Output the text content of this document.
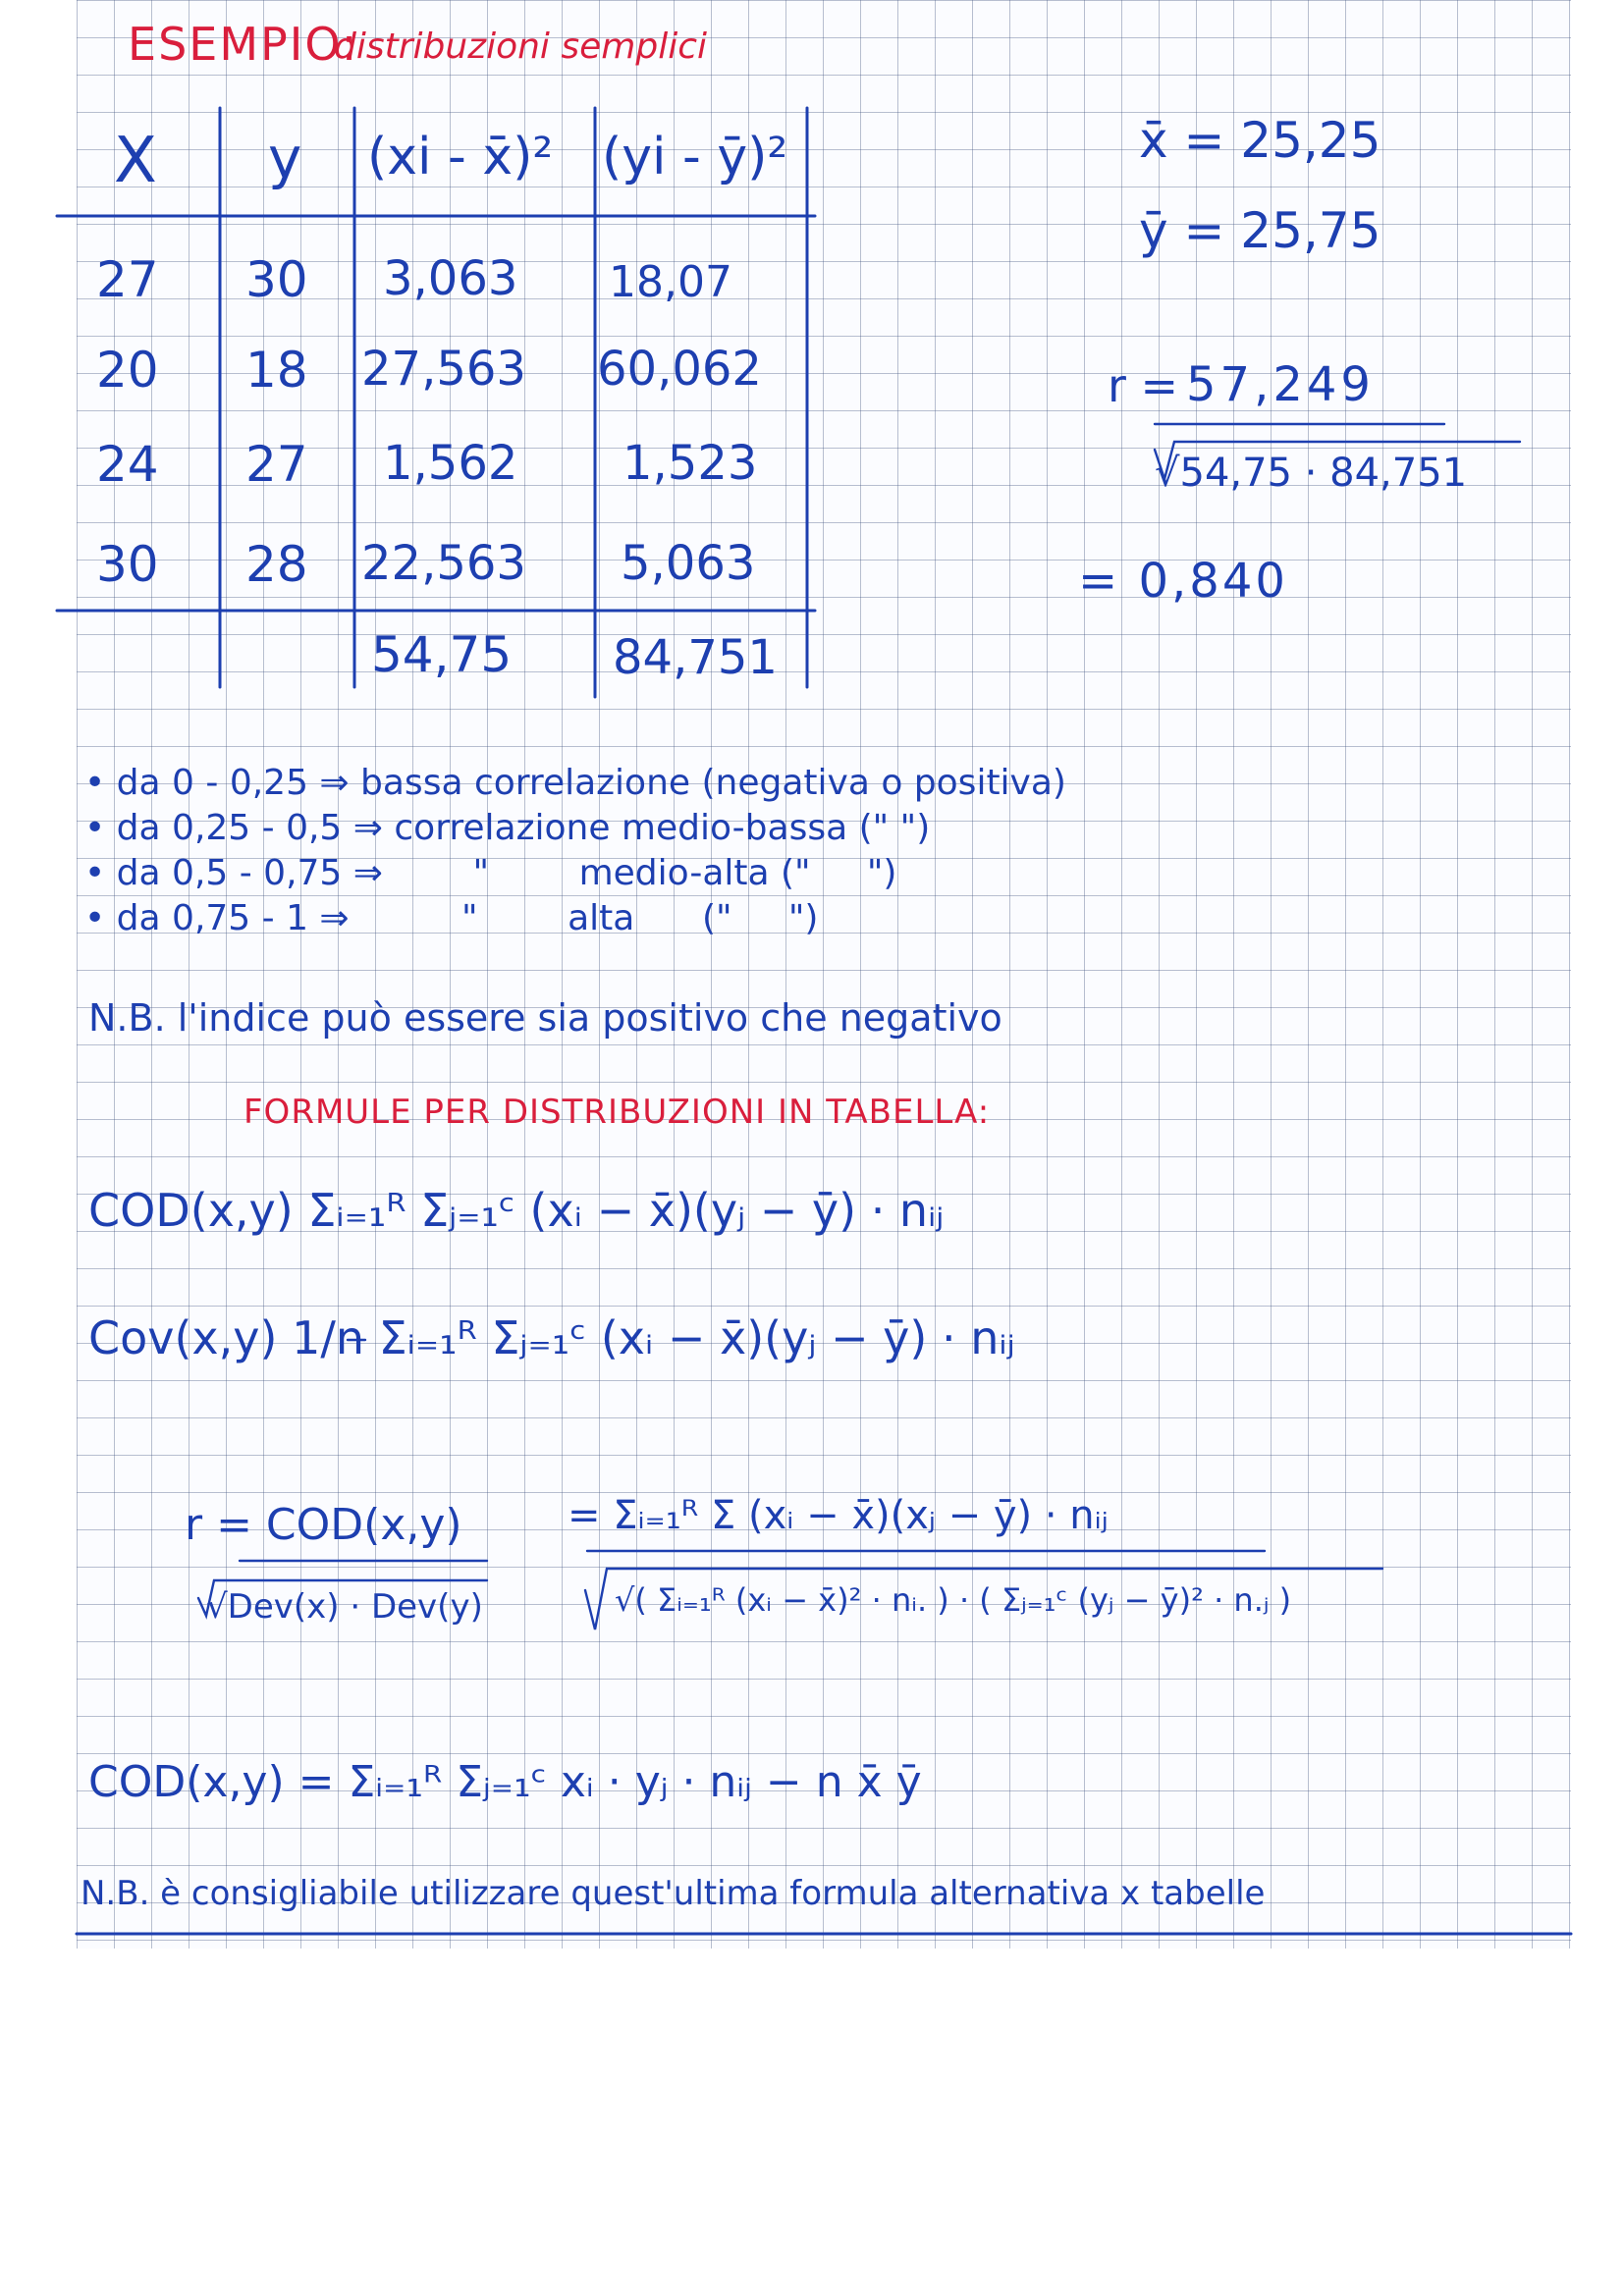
ESEMPIO:
distribuzioni semplici
X y (xi - x̄)² (yi - ȳ)²
27 30 3,063 18,07
20 18 27,563 60,062
24 27 1,562 1,523
30 28 22,563 5,063
54,75 84,751
x̄ = 25,25
ȳ = 25,75
r = 57,249
√54,75 · 84,751
= 0,840
• da 0 - 0,25 ⇒ bassa correlazione (negativa o positiva)
• da 0,25 - 0,5 ⇒ correlazione medio-bassa (" ")
• da 0,5 - 0,75 ⇒        "        medio-alta ("     ")
• da 0,75 - 1 ⇒          "        alta      ("     ")
N.B. l'indice può essere sia positivo che negativo
FORMULE PER DISTRIBUZIONI IN TABELLA:
COD(x,y) Σᵢ₌₁ᴿ Σⱼ₌₁ᶜ (xᵢ − x̄)(yⱼ − ȳ) · nᵢⱼ
Cov(x,y) 1/n Σᵢ₌₁ᴿ Σⱼ₌₁ᶜ (xᵢ − x̄)(yⱼ − ȳ) · nᵢⱼ
r = COD(x,y)
√Dev(x) · Dev(y)
= Σᵢ₌₁ᴿ Σ (xᵢ − x̄)(xⱼ − ȳ) · nᵢⱼ
√( Σᵢ₌₁ᴿ (xᵢ − x̄)² · nᵢ. ) · ( Σⱼ₌₁ᶜ (yⱼ − ȳ)² · n.ⱼ )
COD(x,y) = Σᵢ₌₁ᴿ Σⱼ₌₁ᶜ xᵢ · yⱼ · nᵢⱼ − n x̄ ȳ
N.B. è consigliabile utilizzare quest'ultima formula alternativa x tabelle
